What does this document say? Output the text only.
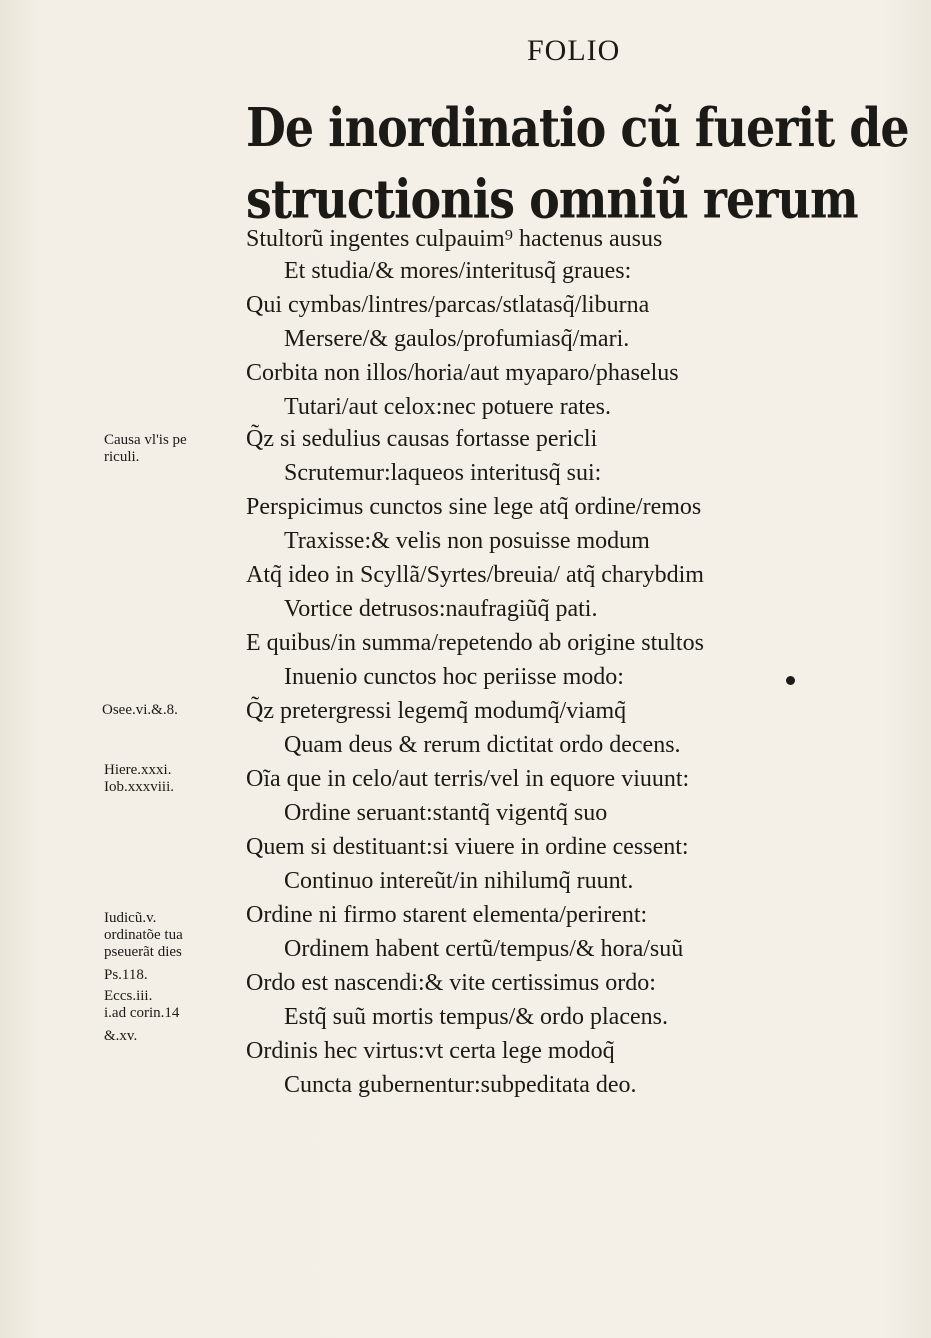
FOLIO
De inordinatio cũ fuerit de
structionis omniũ rerum
Stultorũ ingentes culpauim⁹ hactenus ausus
Et studia/& mores/interitusq̃ graues:
Qui cymbas/lintres/parcas/stlatasq̃/liburna
Mersere/& gaulos/profumiasq̃/mari.
Corbita non illos/horia/aut myaparo/phaselus
Tutari/aut celox:nec potuere rates.
Q̃z si sedulius causas fortasse pericli
Scrutemur:laqueos interitusq̃ sui:
Perspicimus cunctos sine lege atq̃ ordine/remos
Traxisse:& velis non posuisse modum
Atq̃ ideo in Scyllã/Syrtes/breuia/ atq̃ charybdim
Vortice detrusos:naufragiũq̃ pati.
E quibus/in summa/repetendo ab origine stultos
Inuenio cunctos hoc periisse modo:
Q̃z pretergressi legemq̃ modumq̃/viamq̃
Quam deus & rerum dictitat ordo decens.
Oĩa que in celo/aut terris/vel in equore viuunt:
Ordine seruant:stantq̃ vigentq̃ suo
Quem si destituant:si viuere in ordine cessent:
Continuo intereũt/in nihilumq̃ ruunt.
Ordine ni firmo starent elementa/perirent:
Ordinem habent certũ/tempus/& hora/suũ
Ordo est nascendi:& vite certissimus ordo:
Estq̃ suũ mortis tempus/& ordo placens.
Ordinis hec virtus:vt certa lege modoq̃
Cuncta gubernentur:subpeditata deo.
Causa vl'is pe
riculi.
Osee.vi.&.8.
Hiere.xxxi.
Iob.xxxviii.
Iudicũ.v.
ordinatõe tua
pseuerãt dies
Ps.118.
Eccs.iii.
i.ad corin.14
&.xv.
